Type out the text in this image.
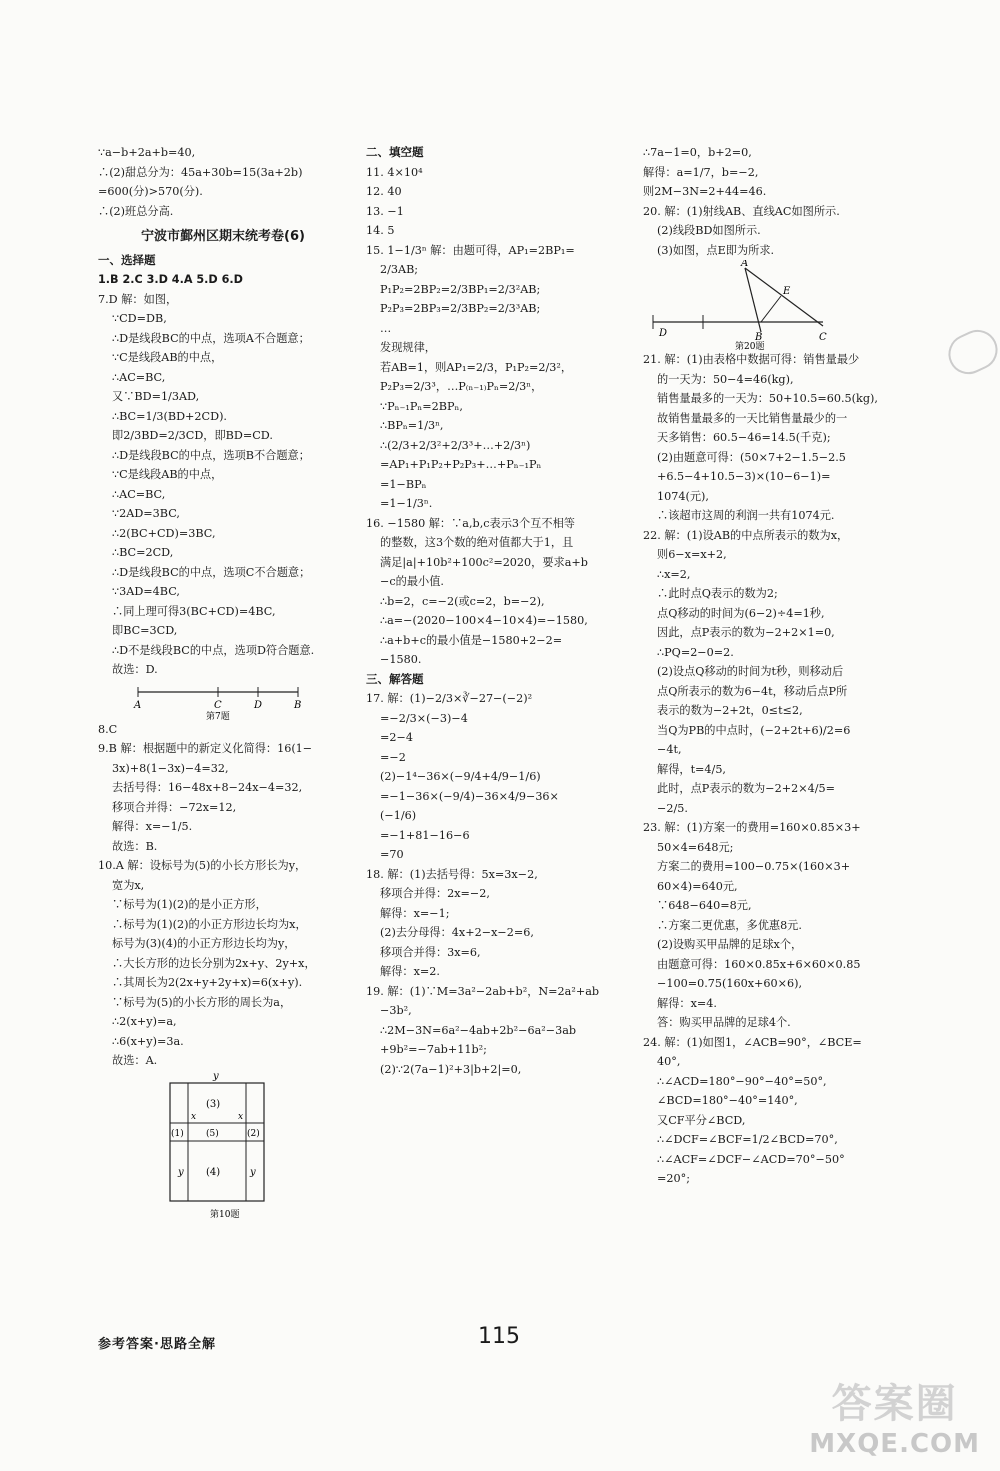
∵a−b+2a+b=40,
∴(2)甜总分为：45a+30b=15(3a+2b)
=600(分)>570(分).
∴(2)班总分高.
宁波市鄞州区期末统考卷(6)
一、选择题
1.B 2.C 3.D 4.A 5.D 6.D
7.D 解：如图，
∵CD=DB,
∴D是线段BC的中点，选项A不合题意；
∵C是线段AB的中点，
∴AC=BC,
又∵BD=1/3AD,
∴BC=1/3(BD+2CD).
即2/3BD=2/3CD，即BD=CD.
∴D是线段BC的中点，选项B不合题意；
∵C是线段AB的中点，
∴AC=BC,
∵2AD=3BC,
∴2(BC+CD)=3BC,
∴BC=2CD,
∴D是线段BC的中点，选项C不合题意；
∵3AD=4BC,
∴同上理可得3(BC+CD)=4BC,
即BC=3CD,
∴D不是线段BC的中点，选项D符合题意.
故选：D.
A	C	D	B
第7题
8.C
9.B 解：根据题中的新定义化简得：16(1−
3x)+8(1−3x)−4=32,
去括号得：16−48x+8−24x−4=32,
移项合并得：−72x=12,
解得：x=−1/5.
故选：B.
10.A 解：设标号为(5)的小长方形长为y，
宽为x,
∵标号为(1)(2)的是小正方形，
∴标号为(1)(2)的小正方形边长均为x，
标号为(3)(4)的小正方形边长均为y，
∴大长方形的边长分别为2x+y、2y+x，
∴其周长为2(2x+y+2y+x)=6(x+y).
∵标号为(5)的小长方形的周长为a，
∴2(x+y)=a,
∴6(x+y)=3a.
故选：A.
y
(3)
(1) (5)	(2)
(4)
y	y
x	x
第10题
二、填空题
11. 4×10⁴
12. 40
13. −1
14. 5
15. 1−1/3ⁿ 解：由题可得，AP₁=2BP₁=
2/3AB;
P₁P₂=2BP₂=2/3BP₁=2/3²AB;
P₂P₃=2BP₃=2/3BP₂=2/3³AB;
…
发现规律，
若AB=1，则AP₁=2/3，P₁P₂=2/3²，
P₂P₃=2/3³，…P₍ₙ₋₁₎Pₙ=2/3ⁿ，
∵Pₙ₋₁Pₙ=2BPₙ,
∴BPₙ=1/3ⁿ,
∴(2/3+2/3²+2/3³+…+2/3ⁿ)
=AP₁+P₁P₂+P₂P₃+…+Pₙ₋₁Pₙ
=1−BPₙ
=1−1/3ⁿ.
16. −1580 解：∵a,b,c表示3个互不相等
的整数，这3个数的绝对值都大于1，且
满足|a|+10b²+100c²=2020，要求a+b
−c的最小值.
∴b=2，c=−2(或c=2，b=−2),
∴a=−(2020−100×4−10×4)=−1580,
∴a+b+c的最小值是−1580+2−2=
−1580.
三、解答题
17. 解：(1)−2/3×∛−27−(−2)²
=−2/3×(−3)−4
=2−4
=−2
(2)−1⁴−36×(−9/4+4/9−1/6)
=−1−36×(−9/4)−36×4/9−36×
(−1/6)
=−1+81−16−6
=70
18. 解：(1)去括号得：5x=3x−2,
移项合并得：2x=−2,
解得：x=−1;
(2)去分母得：4x+2−x−2=6,
移项合并得：3x=6,
解得：x=2.
19. 解：(1)∵M=3a²−2ab+b²，N=2a²+ab
−3b²,
∴2M−3N=6a²−4ab+2b²−6a²−3ab
+9b²=−7ab+11b²;
(2)∵2(7a−1)²+3|b+2|=0,
∴7a−1=0，b+2=0,
解得：a=1/7，b=−2,
则2M−3N=2+44=46.
20. 解：(1)射线AB、直线AC如图所示.
(2)线段BD如图所示.
(3)如图，点E即为所求.
A
E
B	C
D
第20题
21. 解：(1)由表格中数据可得：销售量最少
的一天为：50−4=46(kg),
销售量最多的一天为：50+10.5=60.5(kg),
故销售量最多的一天比销售量最少的一
天多销售：60.5−46=14.5(千克);
(2)由题意可得：(50×7+2−1.5−2.5
+6.5−4+10.5−3)×(10−6−1)=
1074(元),
∴该超市这周的利润一共有1074元.
22. 解：(1)设AB的中点所表示的数为x，
则6−x=x+2,
∴x=2,
∴此时点Q表示的数为2;
点Q移动的时间为(6−2)÷4=1秒,
因此，点P表示的数为−2+2×1=0,
∴PQ=2−0=2.
(2)设点Q移动的时间为t秒，则移动后
点Q所表示的数为6−4t，移动后点P所
表示的数为−2+2t，0≤t≤2,
当Q为PB的中点时，(−2+2t+6)/2=6
−4t,
解得，t=4/5,
此时，点P表示的数为−2+2×4/5=
−2/5.
23. 解：(1)方案一的费用=160×0.85×3+
50×4=648元;
方案二的费用=100−0.75×(160×3+
60×4)=640元,
∵648−640=8元,
∴方案二更优惠，多优惠8元.
(2)设购买甲品牌的足球x个，
由题意可得：160×0.85x+6×60×0.85
−100=0.75(160x+60×6),
解得：x=4.
答：购买甲品牌的足球4个.
24. 解：(1)如图1，∠ACB=90°，∠BCE=
40°,
∴∠ACD=180°−90°−40°=50°,
∠BCD=180°−40°=140°,
又CF平分∠BCD,
∴∠DCF=∠BCF=1/2∠BCD=70°,
∴∠ACF=∠DCF−∠ACD=70°−50°
=20°;
参考答案·思路全解	115
答案圈
MXQE.COM
